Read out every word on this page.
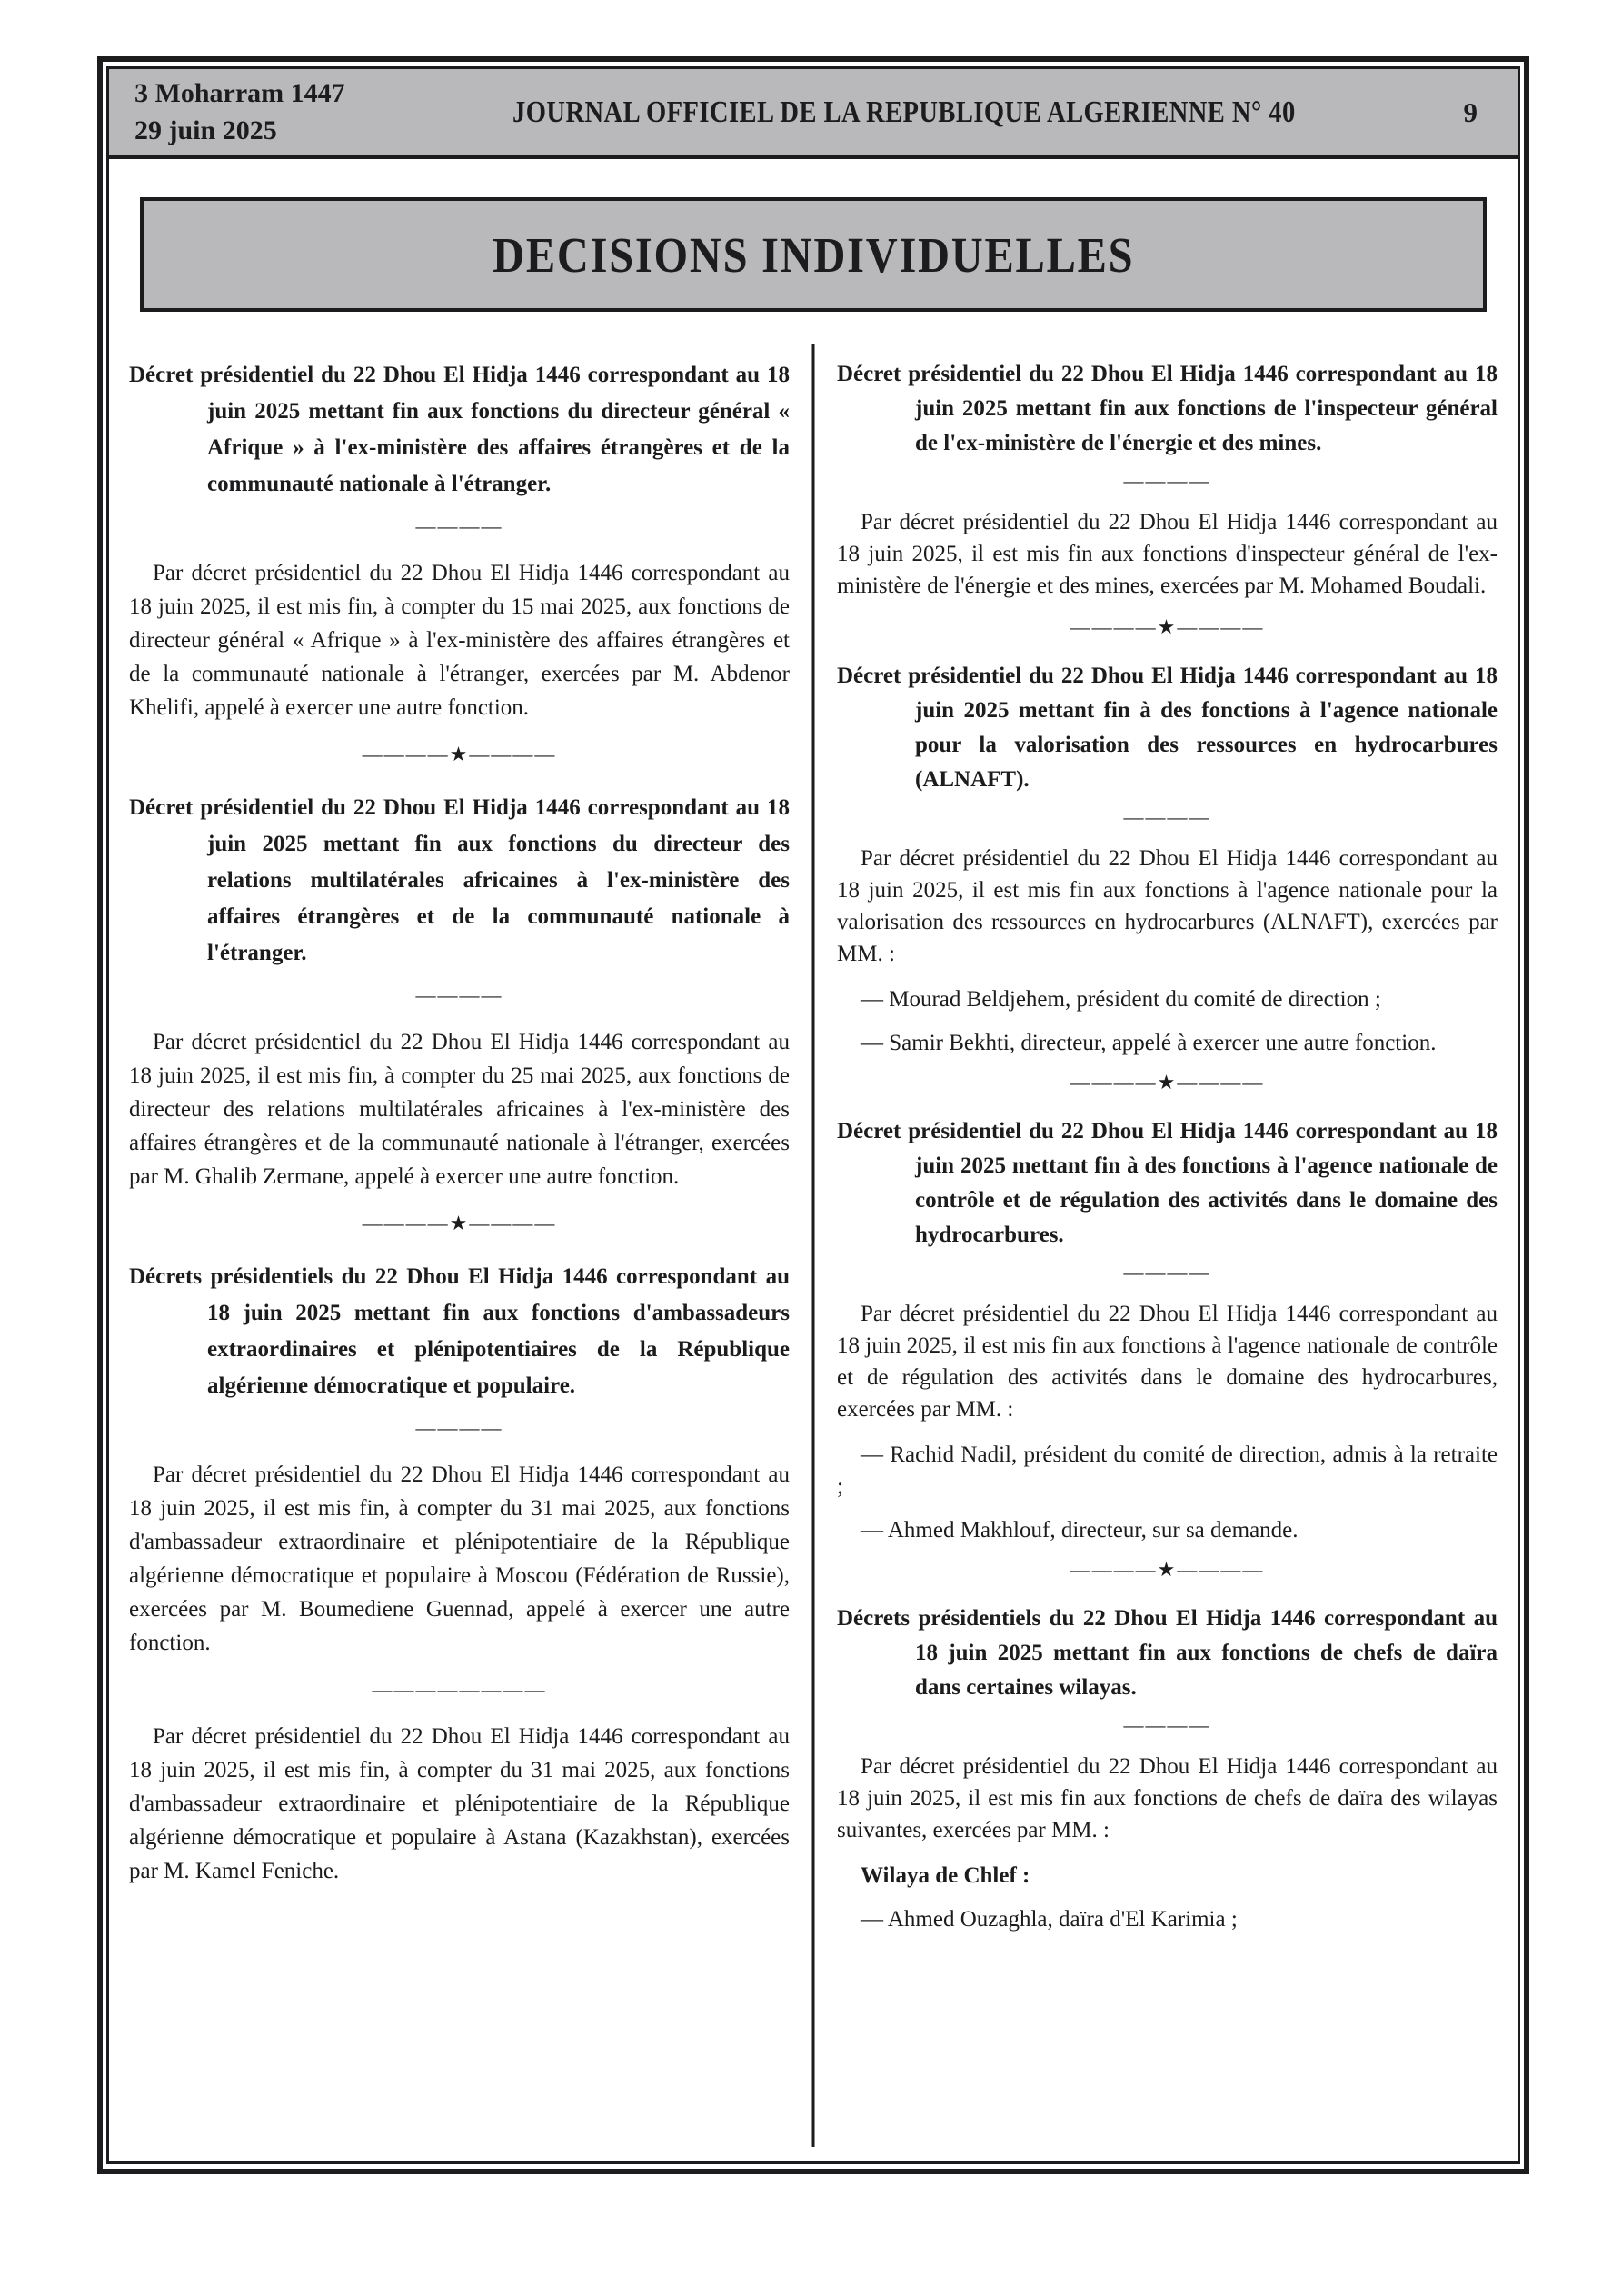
3 Moharram 1447
29 juin 2025
JOURNAL OFFICIEL DE LA REPUBLIQUE ALGERIENNE N° 40	9
DECISIONS INDIVIDUELLES
Décret présidentiel du 22 Dhou El Hidja 1446 correspondant au 18 juin 2025 mettant fin aux fonctions du directeur général « Afrique » à l'ex-ministère des affaires étrangères et de la communauté nationale à l'étranger.
————
Par décret présidentiel du 22 Dhou El Hidja 1446 correspondant au 18 juin 2025, il est mis fin, à compter du 15 mai 2025, aux fonctions de directeur général « Afrique » à l'ex-ministère des affaires étrangères et de la communauté nationale à l'étranger, exercées par M. Abdenor Khelifi, appelé à exercer une autre fonction.
————★————
Décret présidentiel du 22 Dhou El Hidja 1446 correspondant au 18 juin 2025 mettant fin aux fonctions du directeur des relations multilatérales africaines à l'ex-ministère des affaires étrangères et de la communauté nationale à l'étranger.
————
Par décret présidentiel du 22 Dhou El Hidja 1446 correspondant au 18 juin 2025, il est mis fin, à compter du 25 mai 2025, aux fonctions de directeur des relations multilatérales africaines à l'ex-ministère des affaires étrangères et de la communauté nationale à l'étranger, exercées par M. Ghalib Zermane, appelé à exercer une autre fonction.
————★————
Décrets présidentiels du 22 Dhou El Hidja 1446 correspondant au 18 juin 2025 mettant fin aux fonctions d'ambassadeurs extraordinaires et plénipotentiaires de la République algérienne démocratique et populaire.
————
Par décret présidentiel du 22 Dhou El Hidja 1446 correspondant au 18 juin 2025, il est mis fin, à compter du 31 mai 2025, aux fonctions d'ambassadeur extraordinaire et plénipotentiaire de la République algérienne démocratique et populaire à Moscou (Fédération de Russie), exercées par M. Boumediene Guennad, appelé à exercer une autre fonction.
————————
Par décret présidentiel du 22 Dhou El Hidja 1446 correspondant au 18 juin 2025, il est mis fin, à compter du 31 mai 2025, aux fonctions d'ambassadeur extraordinaire et plénipotentiaire de la République algérienne démocratique et populaire à Astana (Kazakhstan), exercées par M. Kamel Feniche.
Décret présidentiel du 22 Dhou El Hidja 1446 correspondant au 18 juin 2025 mettant fin aux fonctions de l'inspecteur général de l'ex-ministère de l'énergie et des mines.
————
Par décret présidentiel du 22 Dhou El Hidja 1446 correspondant au 18 juin 2025, il est mis fin aux fonctions d'inspecteur général de l'ex-ministère de l'énergie et des mines, exercées par M. Mohamed Boudali.
————★————
Décret présidentiel du 22 Dhou El Hidja 1446 correspondant au 18 juin 2025 mettant fin à des fonctions à l'agence nationale pour la valorisation des ressources en hydrocarbures (ALNAFT).
————
Par décret présidentiel du 22 Dhou El Hidja 1446 correspondant au 18 juin 2025, il est mis fin aux fonctions à l'agence nationale pour la valorisation des ressources en hydrocarbures (ALNAFT), exercées par MM. :
— Mourad Beldjehem, président du comité de direction ;
— Samir Bekhti, directeur, appelé à exercer une autre fonction.
————★————
Décret présidentiel du 22 Dhou El Hidja 1446 correspondant au 18 juin 2025 mettant fin à des fonctions à l'agence nationale de contrôle et de régulation des activités dans le domaine des hydrocarbures.
————
Par décret présidentiel du 22 Dhou El Hidja 1446 correspondant au 18 juin 2025, il est mis fin aux fonctions à l'agence nationale de contrôle et de régulation des activités dans le domaine des hydrocarbures, exercées par MM. :
— Rachid Nadil, président du comité de direction, admis à la retraite ;
— Ahmed Makhlouf, directeur, sur sa demande.
————★————
Décrets présidentiels du 22 Dhou El Hidja 1446 correspondant au 18 juin 2025 mettant fin aux fonctions de chefs de daïra dans certaines wilayas.
————
Par décret présidentiel du 22 Dhou El Hidja 1446 correspondant au 18 juin 2025, il est mis fin aux fonctions de chefs de daïra des wilayas suivantes, exercées par MM. :
Wilaya de Chlef :
— Ahmed Ouzaghla, daïra d'El Karimia ;
